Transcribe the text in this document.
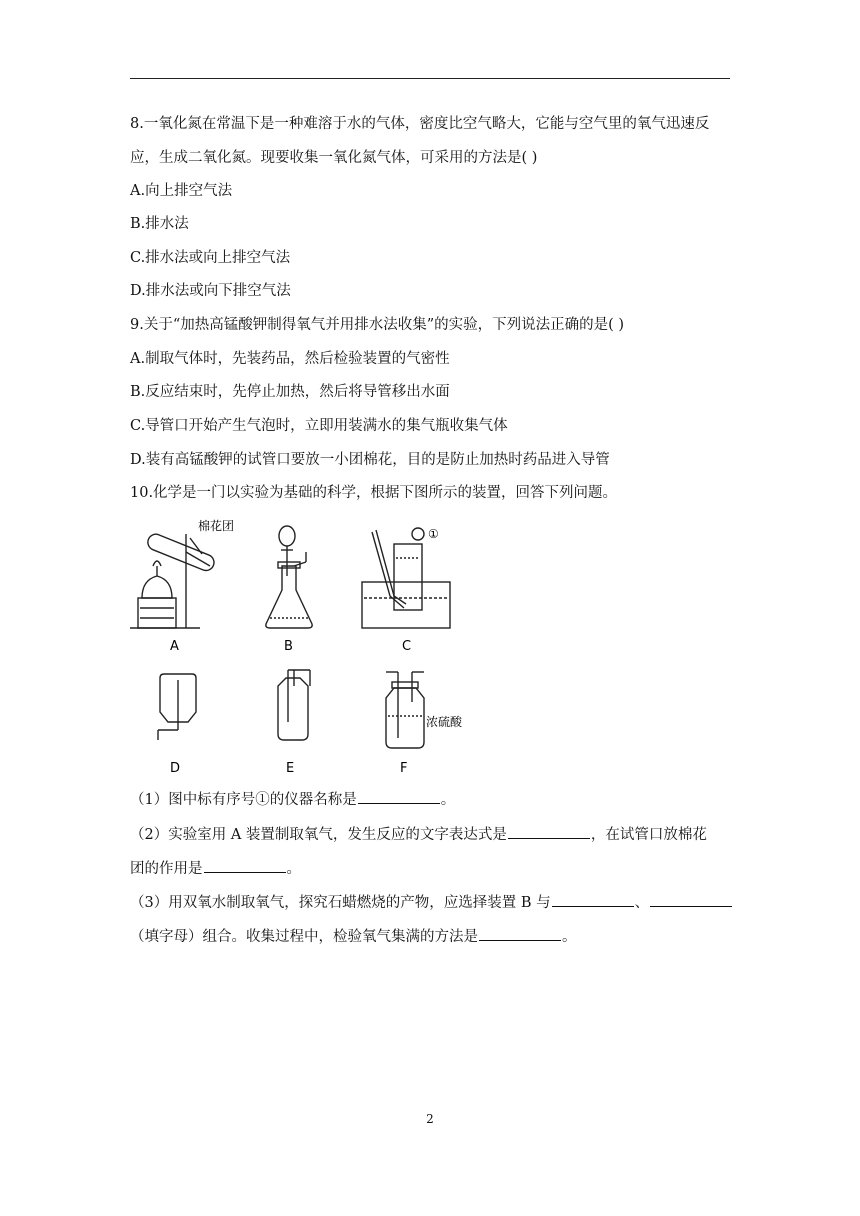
8.一氧化氮在常温下是一种难溶于水的气体，密度比空气略大，它能与空气里的氧气迅速反
应，生成二氧化氮。现要收集一氧化氮气体，可采用的方法是( )
A.向上排空气法
B.排水法
C.排水法或向上排空气法
D.排水法或向下排空气法
9.关于“加热高锰酸钾制得氧气并用排水法收集”的实验，下列说法正确的是( )
A.制取气体时，先装药品，然后检验装置的气密性
B.反应结束时，先停止加热，然后将导管移出水面
C.导管口开始产生气泡时，立即用装满水的集气瓶收集气体
D.装有高锰酸钾的试管口要放一小团棉花，目的是防止加热时药品进入导管
10.化学是一门以实验为基础的科学，根据下图所示的装置，回答下列问题。
棉花团
①
浓硫酸
A	B	C
D	E	F
（1）图中标有序号①的仪器名称是	。
（2）实验室用 A 装置制取氧气，发生反应的文字表达式是	，在试管口放棉花
团的作用是	。
（3）用双氧水制取氧气，探究石蜡燃烧的产物，应选择装置 B 与	、
（填字母）组合。收集过程中，检验氧气集满的方法是	。
2
